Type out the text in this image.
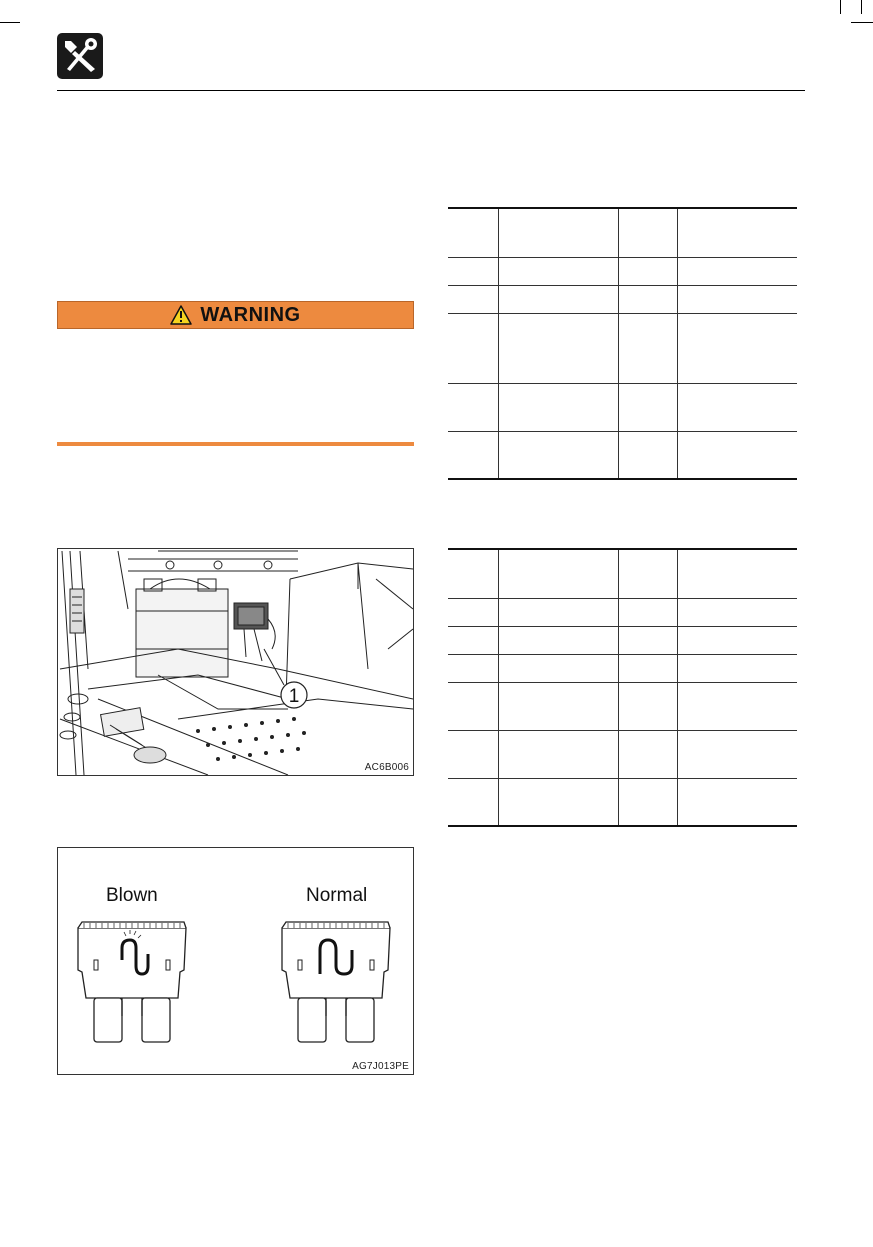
WARNING

1
AC6B006
Blown	Normal
AG7J013PE
